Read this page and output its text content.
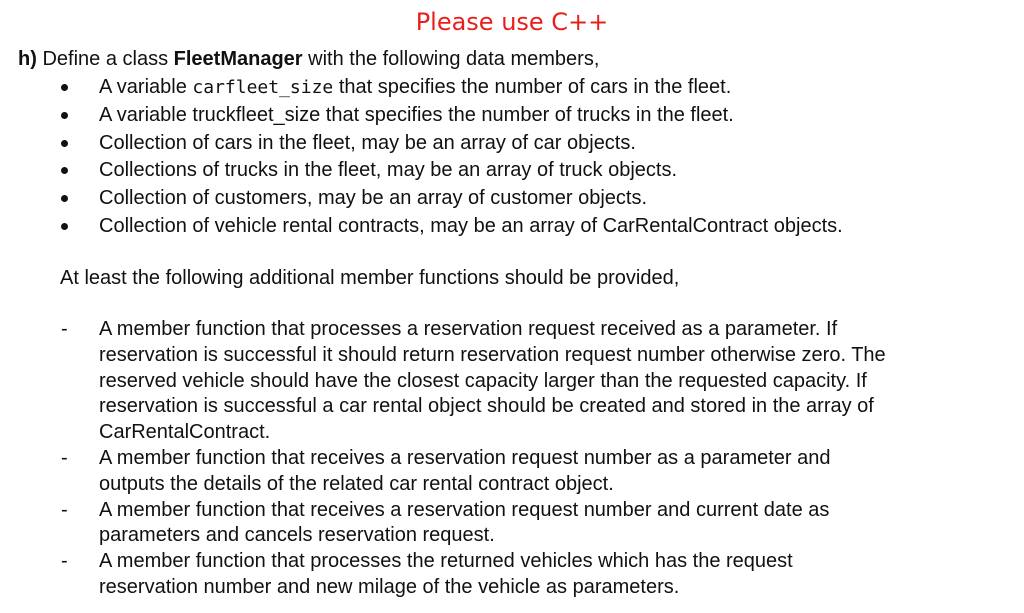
Please use C++
h) Define a class FleetManager with the following data members,
A variable carfleet_size that specifies the number of cars in the fleet.
A variable truckfleet_size that specifies the number of trucks in the fleet.
Collection of cars in the fleet, may be an array of car objects.
Collections of trucks in the fleet, may be an array of truck objects.
Collection of customers, may be an array of customer objects.
Collection of vehicle rental contracts, may be an array of CarRentalContract objects.
At least the following additional member functions should be provided,
- A member function that processes a reservation request received as a parameter. If
reservation is successful it should return reservation request number otherwise zero. The
reserved vehicle should have the closest capacity larger than the requested capacity. If
reservation is successful a car rental object should be created and stored in the array of
CarRentalContract.
- A member function that receives a reservation request number as a parameter and
outputs the details of the related car rental contract object.
- A member function that receives a reservation request number and current date as
parameters and cancels reservation request.
- A member function that processes the returned vehicles which has the request
reservation number and new milage of the vehicle as parameters.
